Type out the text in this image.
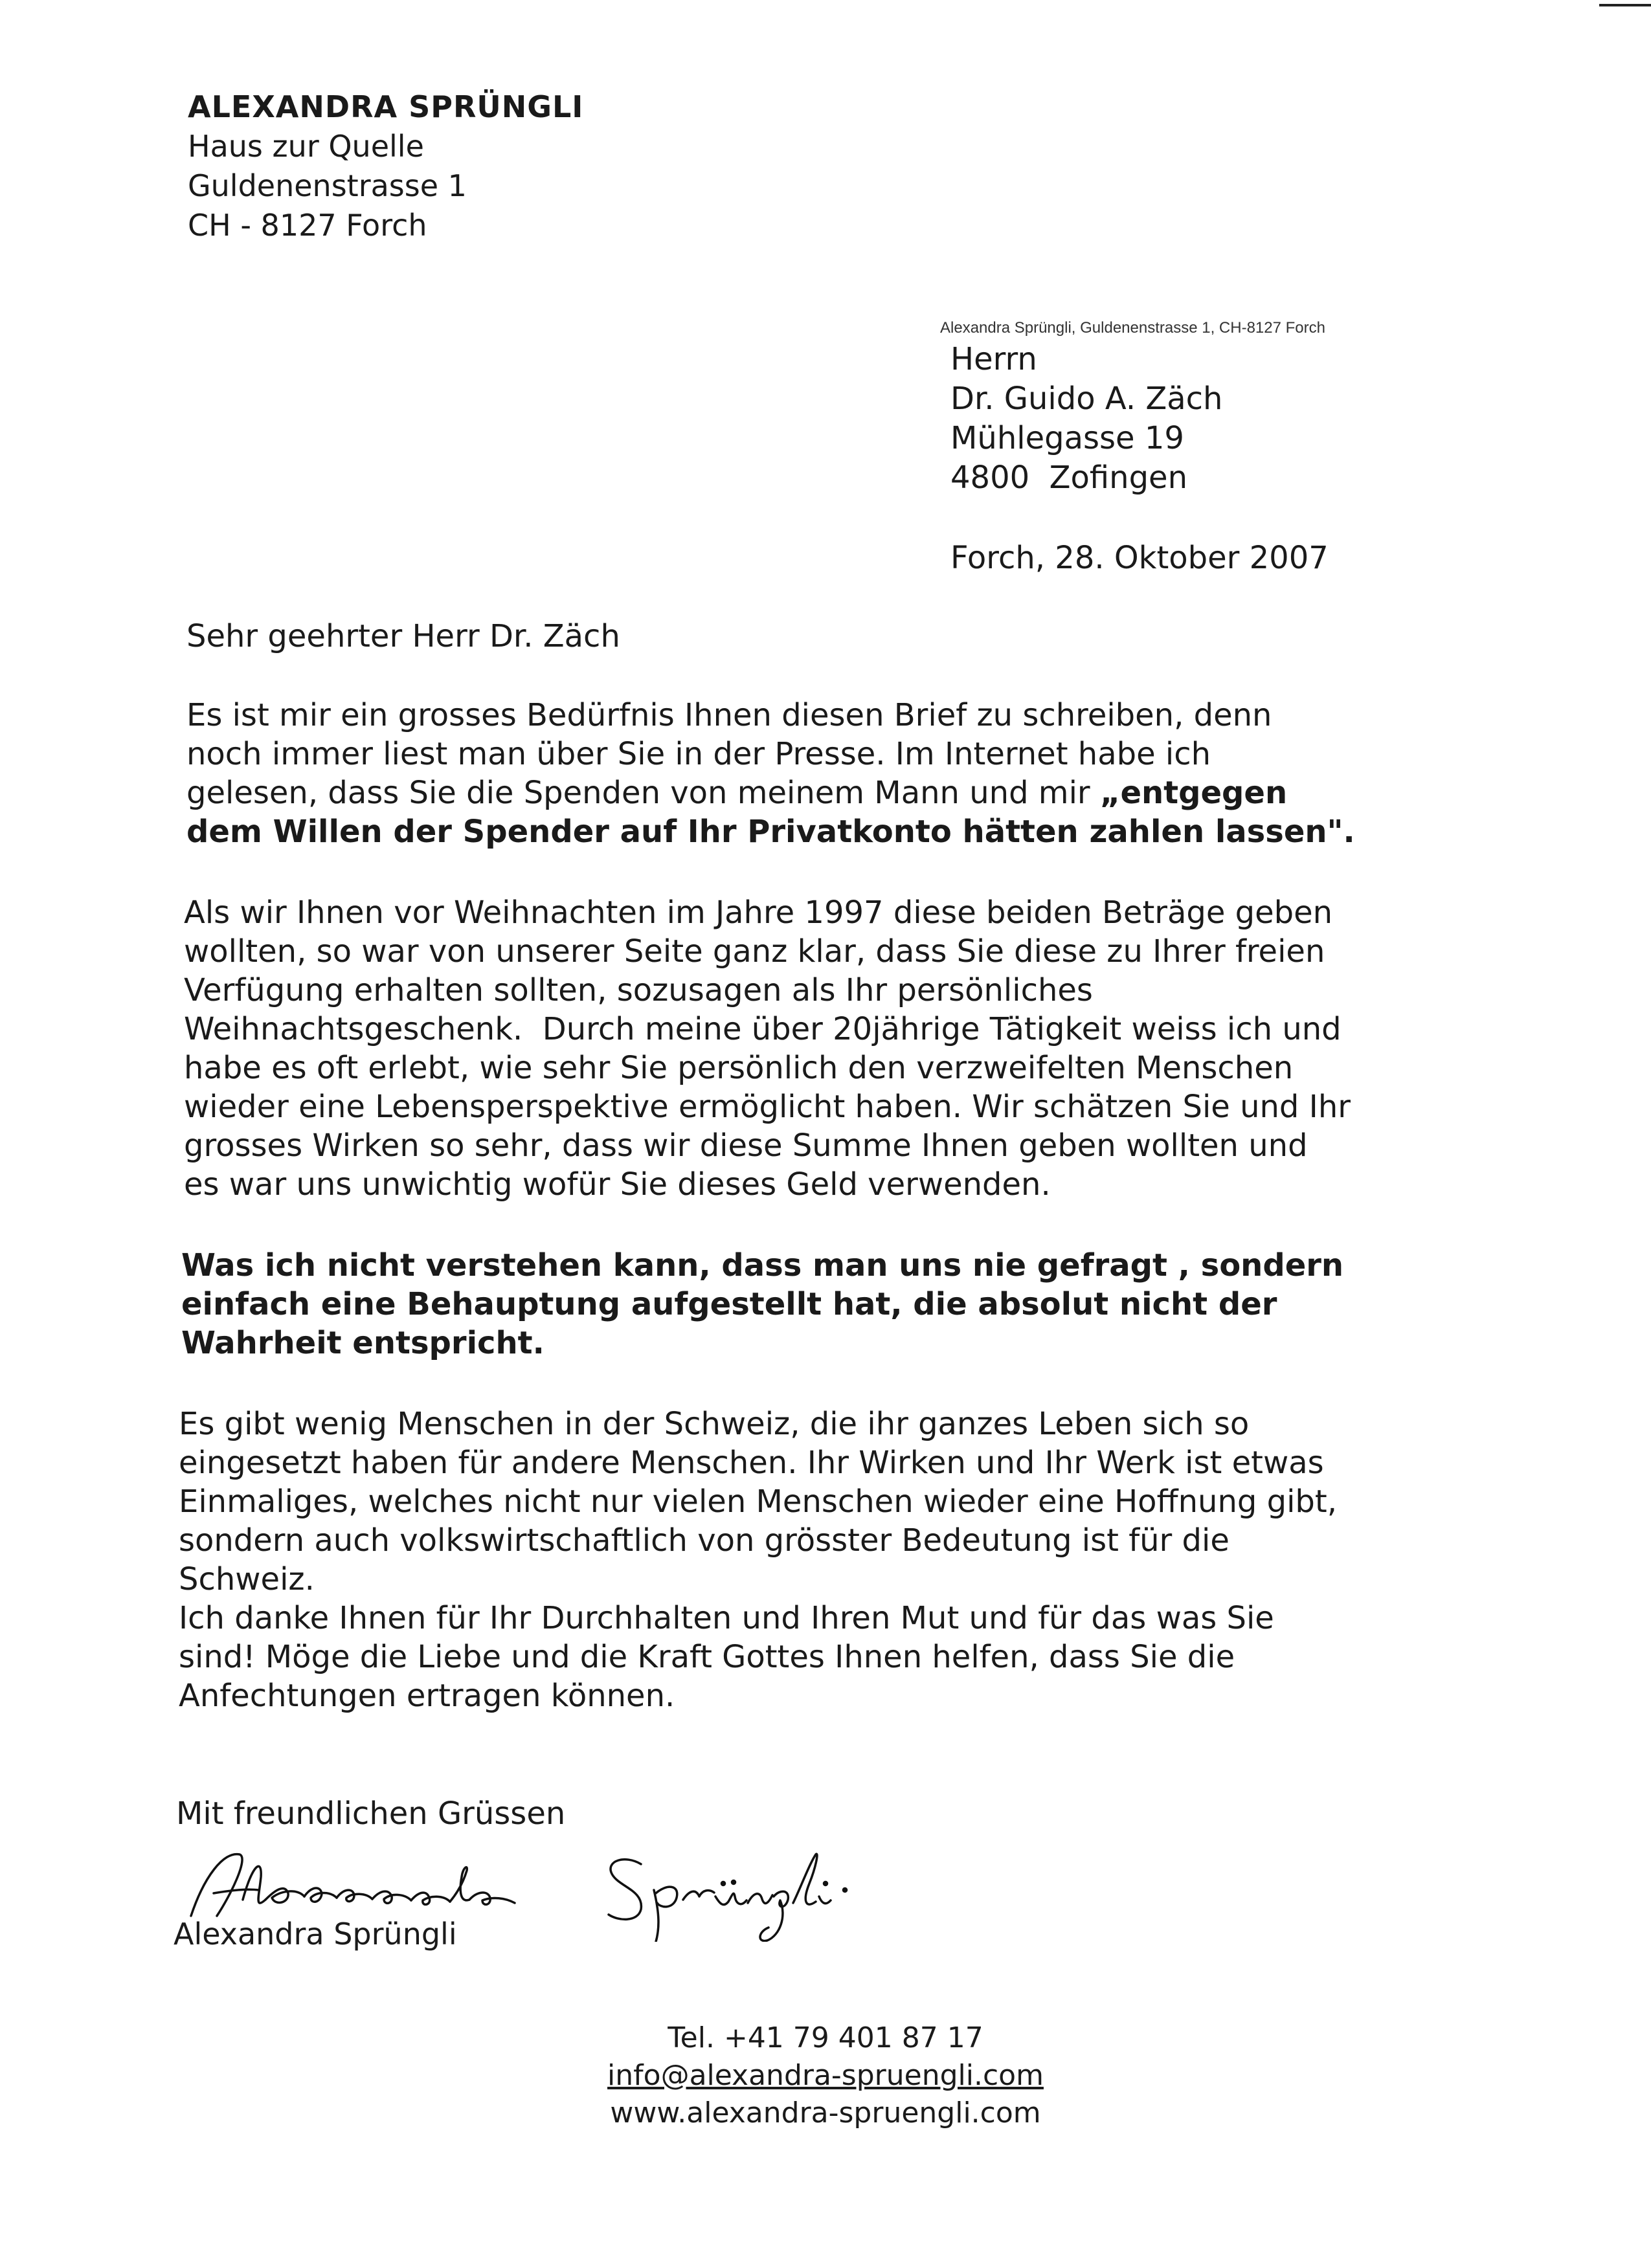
ALEXANDRA SPRÜNGLI
Haus zur Quelle
Guldenenstrasse 1
CH - 8127 Forch
Alexandra Sprüngli, Guldenenstrasse 1, CH-8127 Forch
Herrn
Dr. Guido A. Zäch
Mühlegasse 19
4800  Zofingen
Forch, 28. Oktober 2007
Sehr geehrter Herr Dr. Zäch
Es ist mir ein grosses Bedürfnis Ihnen diesen Brief zu schreiben, denn
noch immer liest man über Sie in der Presse. Im Internet habe ich
gelesen, dass Sie die Spenden von meinem Mann und mir „entgegen
dem Willen der Spender auf Ihr Privatkonto hätten zahlen lassen".
Als wir Ihnen vor Weihnachten im Jahre 1997 diese beiden Beträge geben
wollten, so war von unserer Seite ganz klar, dass Sie diese zu Ihrer freien
Verfügung erhalten sollten, sozusagen als Ihr persönliches
Weihnachtsgeschenk.  Durch meine über 20jährige Tätigkeit weiss ich und
habe es oft erlebt, wie sehr Sie persönlich den verzweifelten Menschen
wieder eine Lebensperspektive ermöglicht haben. Wir schätzen Sie und Ihr
grosses Wirken so sehr, dass wir diese Summe Ihnen geben wollten und
es war uns unwichtig wofür Sie dieses Geld verwenden.
Was ich nicht verstehen kann, dass man uns nie gefragt , sondern
einfach eine Behauptung aufgestellt hat, die absolut nicht der
Wahrheit entspricht.
Es gibt wenig Menschen in der Schweiz, die ihr ganzes Leben sich so
eingesetzt haben für andere Menschen. Ihr Wirken und Ihr Werk ist etwas
Einmaliges, welches nicht nur vielen Menschen wieder eine Hoffnung gibt,
sondern auch volkswirtschaftlich von grösster Bedeutung ist für die
Schweiz.
Ich danke Ihnen für Ihr Durchhalten und Ihren Mut und für das was Sie
sind! Möge die Liebe und die Kraft Gottes Ihnen helfen, dass Sie die
Anfechtungen ertragen können.
Mit freundlichen Grüssen
Alexandra Sprüngli
Tel. +41 79 401 87 17
info@alexandra-spruengli.com
www.alexandra-spruengli.com
